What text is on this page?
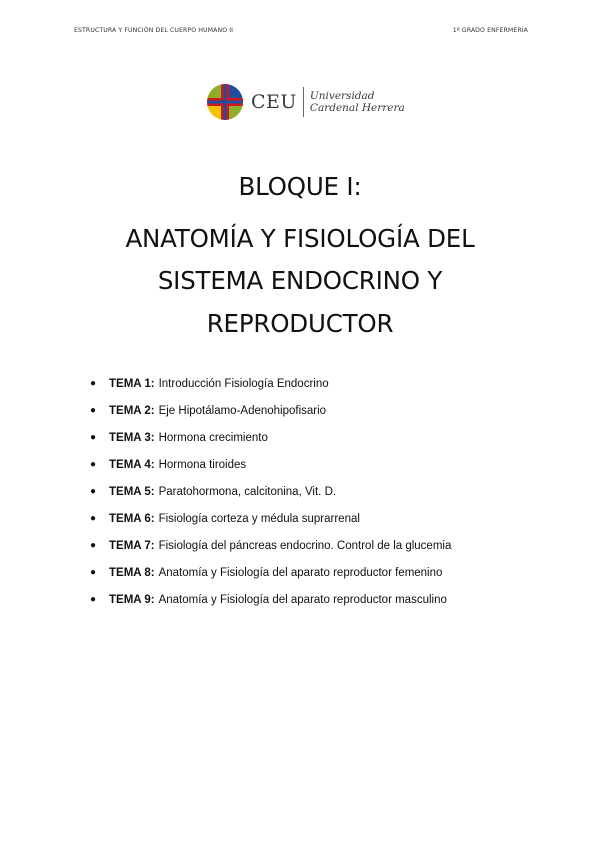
ESTRUCTURA Y FUNCIÓN DEL CUERPO HUMANO II	1º GRADO ENFERMERÍA
CEU Universidad
Cardenal Herrera
BLOQUE I:
ANATOMÍA Y FISIOLOGÍA DEL
SISTEMA ENDOCRINO Y
REPRODUCTOR
●	TEMA 1: Introducción Fisiología Endocrino
●	TEMA 2: Eje Hipotálamo-Adenohipofisario
●	TEMA 3: Hormona crecimiento
●	TEMA 4: Hormona tiroides
●	TEMA 5: Paratohormona, calcitonina, Vit. D.
●	TEMA 6: Fisiología corteza y médula suprarrenal
●	TEMA 7: Fisiología del páncreas endocrino. Control de la glucemia
●	TEMA 8: Anatomía y Fisiología del aparato reproductor femenino
●	TEMA 9: Anatomía y Fisiología del aparato reproductor masculino
